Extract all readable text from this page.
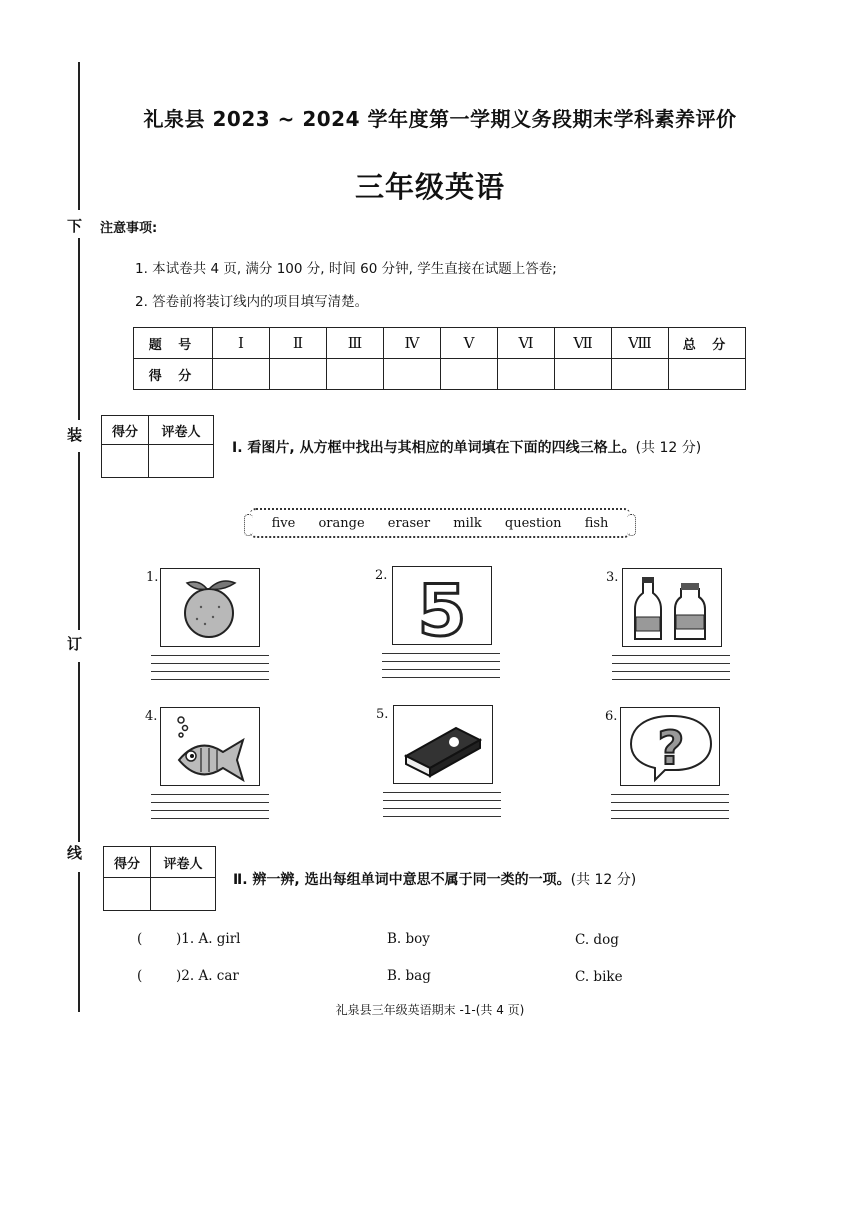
下
装
订
线
礼泉县 2023 ~ 2024 学年度第一学期义务段期末学科素养评价
三年级英语
注意事项:
1. 本试卷共 4 页, 满分 100 分, 时间 60 分钟, 学生直接在试题上答卷;
2. 答卷前将装订线内的项目填写清楚。
题 号	Ⅰ	Ⅱ	Ⅲ	Ⅳ	Ⅴ	Ⅵ	Ⅶ	Ⅷ	总 分
得 分									
得分	评卷人

Ⅰ. 看图片, 从方框中找出与其相应的单词填在下面的四线三格上。(共 12 分)
five orange eraser milk question fish
1.	2. 5	3.
4.	5.	6.
?
得分	评卷人

Ⅱ. 辨一辨, 选出每组单词中意思不属于同一类的一项。(共 12 分)
( )1. A. girl	B. boy	C. dog
( )2. A. car	B. bag	C. bike
礼泉县三年级英语期末 -1-(共 4 页)
